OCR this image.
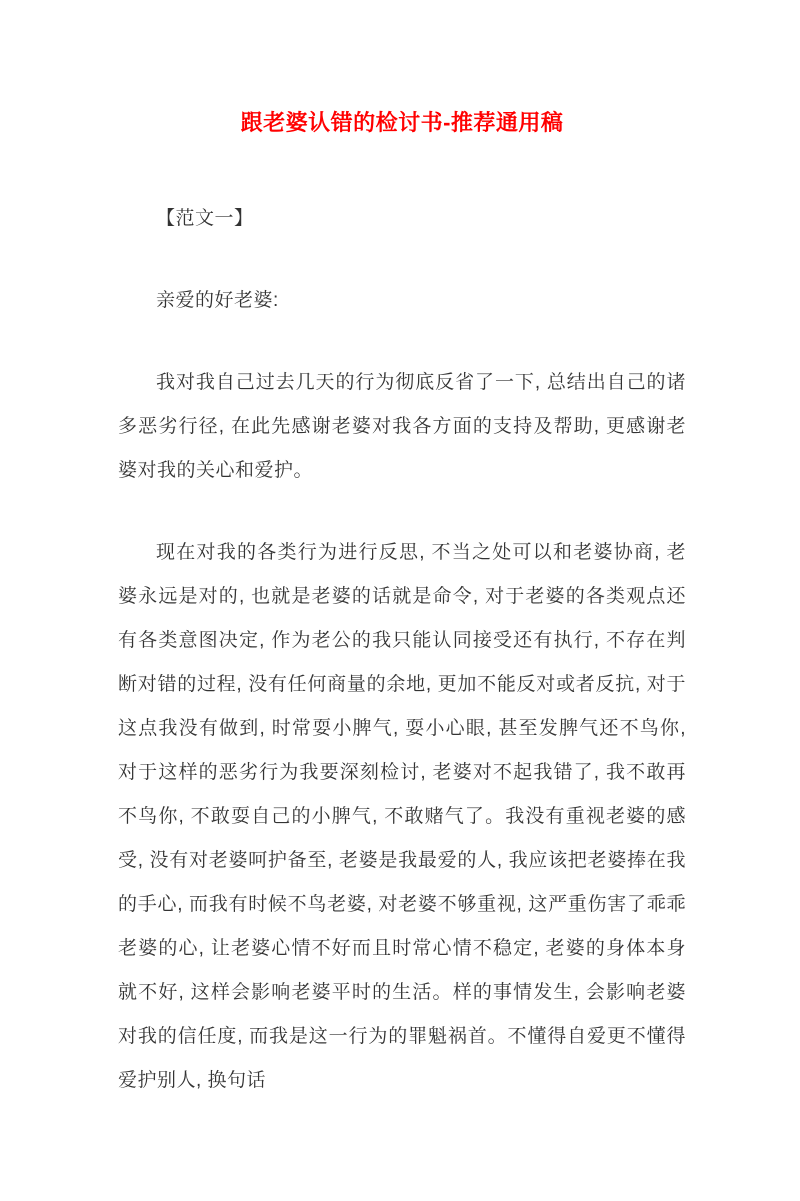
跟老婆认错的检讨书-推荐通用稿

【范文一】

亲爱的好老婆:

我对我自己过去几天的行为彻底反省了一下, 总结出自己的诸多恶劣行径, 在此先感谢老婆对我各方面的支持及帮助, 更感谢老婆对我的关心和爱护。

现在对我的各类行为进行反思, 不当之处可以和老婆协商, 老婆永远是对的, 也就是老婆的话就是命令, 对于老婆的各类观点还有各类意图决定, 作为老公的我只能认同接受还有执行, 不存在判断对错的过程, 没有任何商量的余地, 更加不能反对或者反抗, 对于这点我没有做到, 时常耍小脾气, 耍小心眼, 甚至发脾气还不鸟你, 对于这样的恶劣行为我要深刻检讨, 老婆对不起我错了, 我不敢再不鸟你, 不敢耍自己的小脾气, 不敢赌气了。我没有重视老婆的感受, 没有对老婆呵护备至, 老婆是我最爱的人, 我应该把老婆捧在我的手心, 而我有时候不鸟老婆, 对老婆不够重视, 这严重伤害了乖乖老婆的心, 让老婆心情不好而且时常心情不稳定, 老婆的身体本身就不好, 这样会影响老婆平时的生活。样的事情发生, 会影响老婆对我的信任度, 而我是这一行为的罪魁祸首。不懂得自爱更不懂得爱护别人, 换句话
